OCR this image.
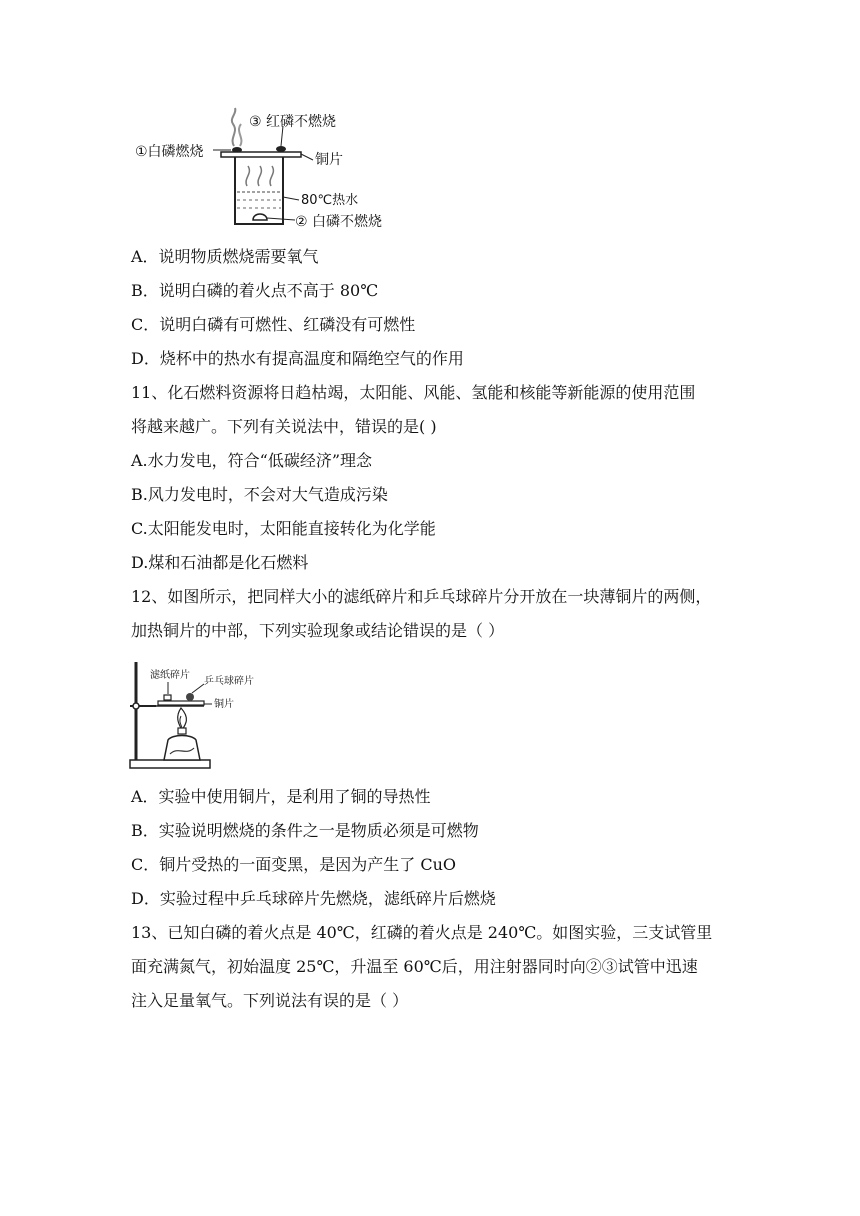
③ 红磷不燃烧
①白磷燃烧	铜片
80℃热水
② 白磷不燃烧
A．说明物质燃烧需要氧气
B．说明白磷的着火点不高于 80℃
C．说明白磷有可燃性、红磷没有可燃性
D．烧杯中的热水有提高温度和隔绝空气的作用
11、化石燃料资源将日趋枯竭，太阳能、风能、氢能和核能等新能源的使用范围
将越来越广。下列有关说法中，错误的是( )
A.水力发电，符合“低碳经济”理念
B.风力发电时，不会对大气造成污染
C.太阳能发电时，太阳能直接转化为化学能
D.煤和石油都是化石燃料
12、如图所示，把同样大小的滤纸碎片和乒乓球碎片分开放在一块薄铜片的两侧，
加热铜片的中部，下列实验现象或结论错误的是（ ）
滤纸碎片
乒乓球碎片
铜片
A．实验中使用铜片，是利用了铜的导热性
B．实验说明燃烧的条件之一是物质必须是可燃物
C．铜片受热的一面变黑，是因为产生了 CuO
D．实验过程中乒乓球碎片先燃烧，滤纸碎片后燃烧
13、已知白磷的着火点是 40℃，红磷的着火点是 240℃。如图实验，三支试管里
面充满氮气，初始温度 25℃，升温至 60℃后，用注射器同时向②③试管中迅速
注入足量氧气。下列说法有误的是（ ）
